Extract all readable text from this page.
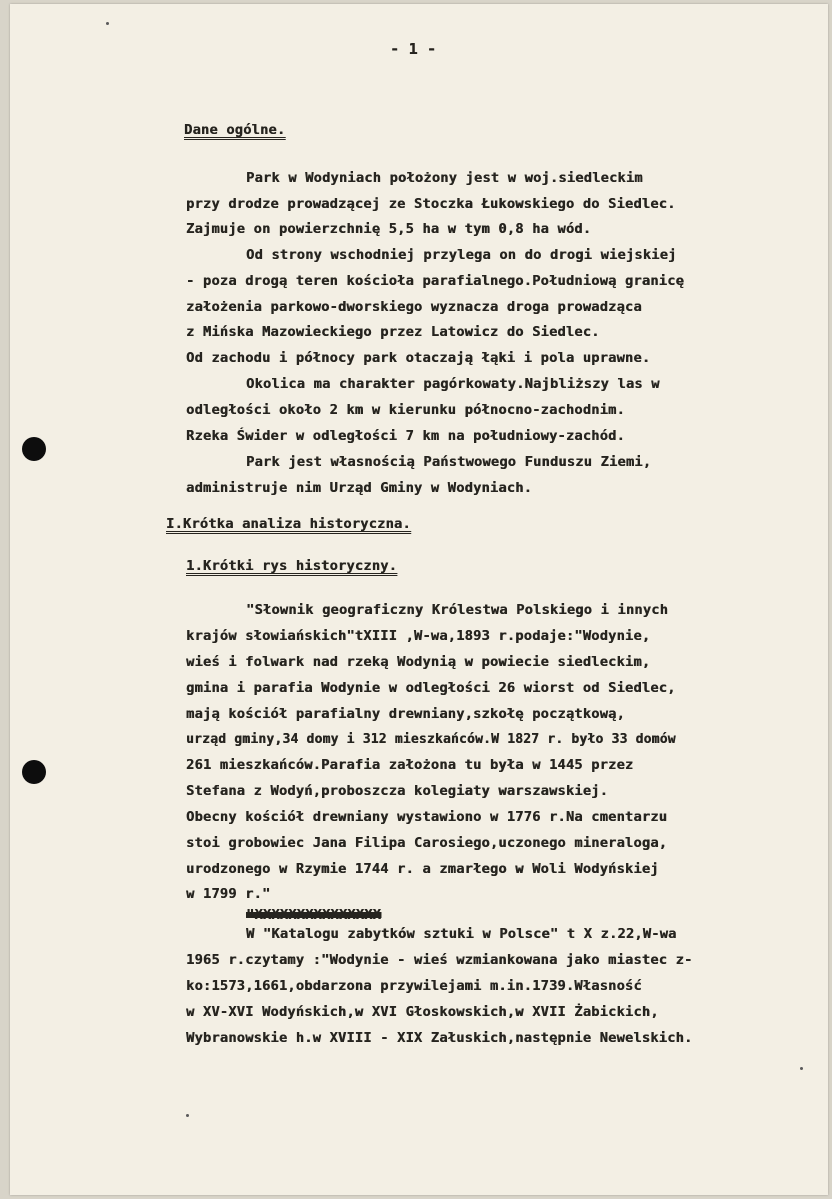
- 1 -

Dane ogólne.

Park w Wodyniach położony jest w woj.siedleckim

przy drodze prowadzącej ze Stoczka Łukowskiego do Siedlec.

Zajmuje on powierzchnię 5,5 ha w tym 0,8 ha wód.

Od strony wschodniej przylega on do drogi wiejskiej

- poza drogą teren kościoła parafialnego.Południową granicę

założenia parkowo-dworskiego wyznacza droga prowadząca

z Mińska Mazowieckiego przez Latowicz do Siedlec.

Od zachodu i północy park otaczają łąki i pola uprawne.

Okolica ma charakter pagórkowaty.Najbliższy las w

odległości około 2 km w kierunku północno-zachodnim.

Rzeka Świder w odległości 7 km na południowy-zachód.

Park jest własnością Państwowego Funduszu Ziemi,

administruje nim Urząd Gminy w Wodyniach.

I.Krótka analiza historyczna.

1.Krótki rys historyczny.

"Słownik geograficzny Królestwa Polskiego i innych

krajów słowiańskich"tXIII ,W-wa,1893 r.podaje:"Wodynie,

wieś i folwark nad rzeką Wodynią w powiecie siedleckim,

gmina i parafia Wodynie w odległości 26 wiorst od Siedlec,

mają kościół parafialny drewniany,szkołę początkową,

urząd gminy,34 domy i 312 mieszkańców.W 1827 r. było 33 domów

261 mieszkańców.Parafia założona tu była w 1445 przez

Stefana z Wodyń,proboszcza kolegiaty warszawskiej.

Obecny kościół drewniany wystawiono w 1776 r.Na cmentarzu

stoi grobowiec Jana Filipa Carosiego,uczonego mineraloga,

urodzonego w Rzymie 1744 r. a zmarłego w Woli Wodyńskiej

w 1799 r."

"XXXXXXXXXXXXXXX

W "Katalogu zabytków sztuki w Polsce" t X z.22,W-wa

1965 r.czytamy :"Wodynie - wieś wzmiankowana jako miastec z-

ko:1573,1661,obdarzona przywilejami m.in.1739.Własność

w XV-XVI Wodyńskich,w XVI Głoskowskich,w XVII Żabickich,

Wybranowskie h.w XVIII - XIX Załuskich,następnie Newelskich.
